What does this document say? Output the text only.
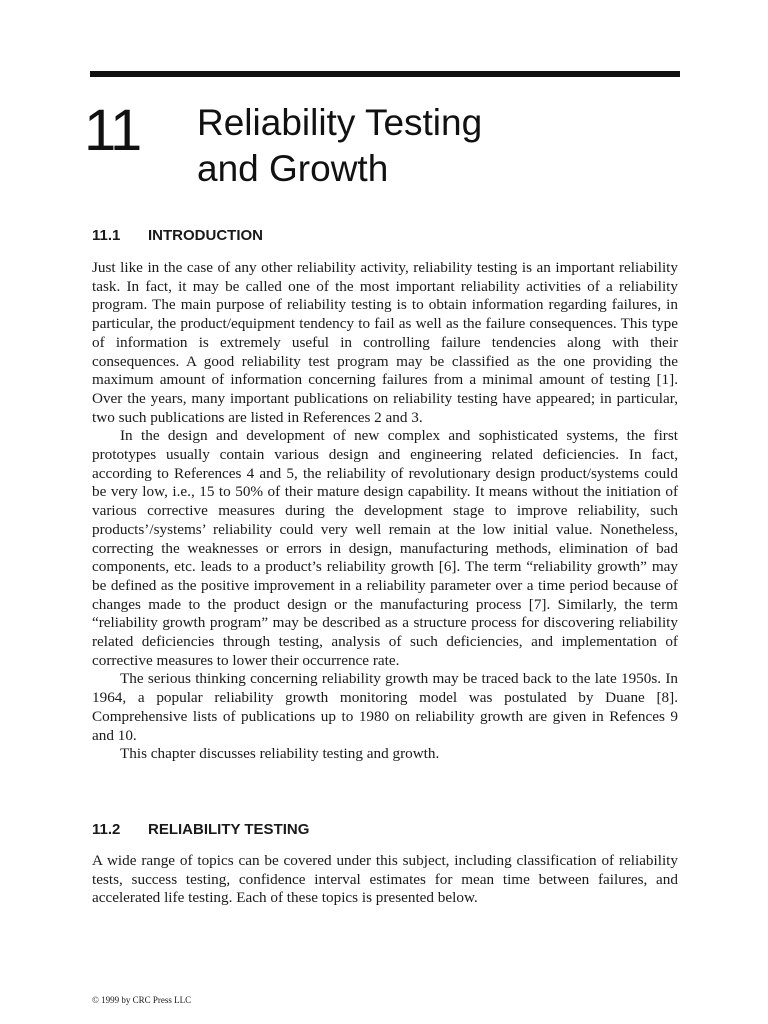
11 Reliability Testing
and Growth
11.1 INTRODUCTION

Just like in the case of any other reliability activity, reliability testing is an important reliability task. In fact, it may be called one of the most important reliability activities of a reliability program. The main purpose of reliability testing is to obtain information regarding failures, in particular, the product/equipment tendency to fail as well as the failure consequences. This type of information is extremely useful in controlling failure tendencies along with their consequences. A good reliability test program may be classified as the one providing the maximum amount of information concerning failures from a minimal amount of testing [1]. Over the years, many important publications on reliability testing have appeared; in particular, two such publications are listed in References 2 and 3.

In the design and development of new complex and sophisticated systems, the first prototypes usually contain various design and engineering related deficiencies. In fact, according to References 4 and 5, the reliability of revolutionary design product/systems could be very low, i.e., 15 to 50% of their mature design capability. It means without the initiation of various corrective measures during the development stage to improve reliability, such products’/systems’ reliability could very well remain at the low initial value. Nonetheless, correcting the weaknesses or errors in design, manufacturing methods, elimination of bad components, etc. leads to a product’s reliability growth [6]. The term “reliability growth” may be defined as the positive improvement in a reliability parameter over a time period because of changes made to the product design or the manufacturing process [7]. Similarly, the term “reliability growth program” may be described as a structure process for discovering reliability related deficiencies through testing, analysis of such deficiencies, and implementation of corrective measures to lower their occurrence rate.

The serious thinking concerning reliability growth may be traced back to the late 1950s. In 1964, a popular reliability growth monitoring model was postulated by Duane [8]. Comprehensive lists of publications up to 1980 on reliability growth are given in Refences 9 and 10.

This chapter discusses reliability testing and growth.

11.2 RELIABILITY TESTING

A wide range of topics can be covered under this subject, including classification of reliability tests, success testing, confidence interval estimates for mean time between failures, and accelerated life testing. Each of these topics is presented below.

© 1999 by CRC Press LLC
